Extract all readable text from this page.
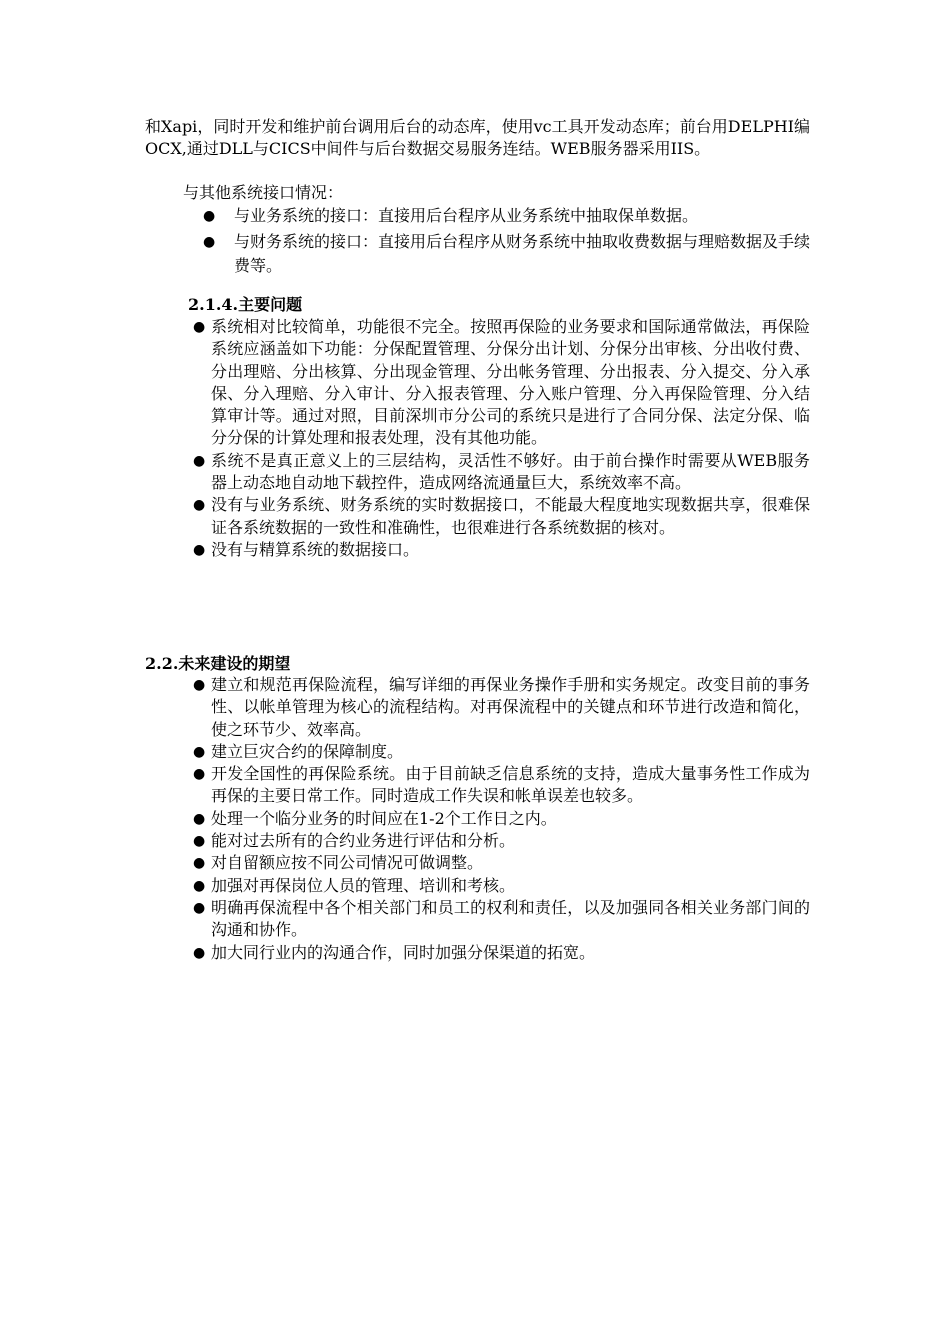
和Xapi，同时开发和维护前台调用后台的动态库，使用vc工具开发动态库；前台用DELPHI编OCX,通过DLL与CICS中间件与后台数据交易服务连结。WEB服务器采用IIS。
与其他系统接口情况：
● 与业务系统的接口：直接用后台程序从业务系统中抽取保单数据。
● 与财务系统的接口：直接用后台程序从财务系统中抽取收费数据与理赔数据及手续费等。
2.1.4.主要问题
● 系统相对比较简单，功能很不完全。按照再保险的业务要求和国际通常做法，再保险系统应涵盖如下功能：分保配置管理、分保分出计划、分保分出审核、分出收付费、分出理赔、分出核算、分出现金管理、分出帐务管理、分出报表、分入提交、分入承保、分入理赔、分入审计、分入报表管理、分入账户管理、分入再保险管理、分入结算审计等。通过对照，目前深圳市分公司的系统只是进行了合同分保、法定分保、临分分保的计算处理和报表处理，没有其他功能。
● 系统不是真正意义上的三层结构，灵活性不够好。由于前台操作时需要从WEB服务器上动态地自动地下载控件，造成网络流通量巨大，系统效率不高。
● 没有与业务系统、财务系统的实时数据接口，不能最大程度地实现数据共享，很难保证各系统数据的一致性和准确性，也很难进行各系统数据的核对。
● 没有与精算系统的数据接口。
2.2.未来建设的期望
● 建立和规范再保险流程，编写详细的再保业务操作手册和实务规定。改变目前的事务性、以帐单管理为核心的流程结构。对再保流程中的关键点和环节进行改造和简化，使之环节少、效率高。
● 建立巨灾合约的保障制度。
● 开发全国性的再保险系统。由于目前缺乏信息系统的支持，造成大量事务性工作成为再保的主要日常工作。同时造成工作失误和帐单误差也较多。
● 处理一个临分业务的时间应在1-2个工作日之内。
● 能对过去所有的合约业务进行评估和分析。
● 对自留额应按不同公司情况可做调整。
● 加强对再保岗位人员的管理、培训和考核。
● 明确再保流程中各个相关部门和员工的权利和责任，以及加强同各相关业务部门间的沟通和协作。
● 加大同行业内的沟通合作，同时加强分保渠道的拓宽。
